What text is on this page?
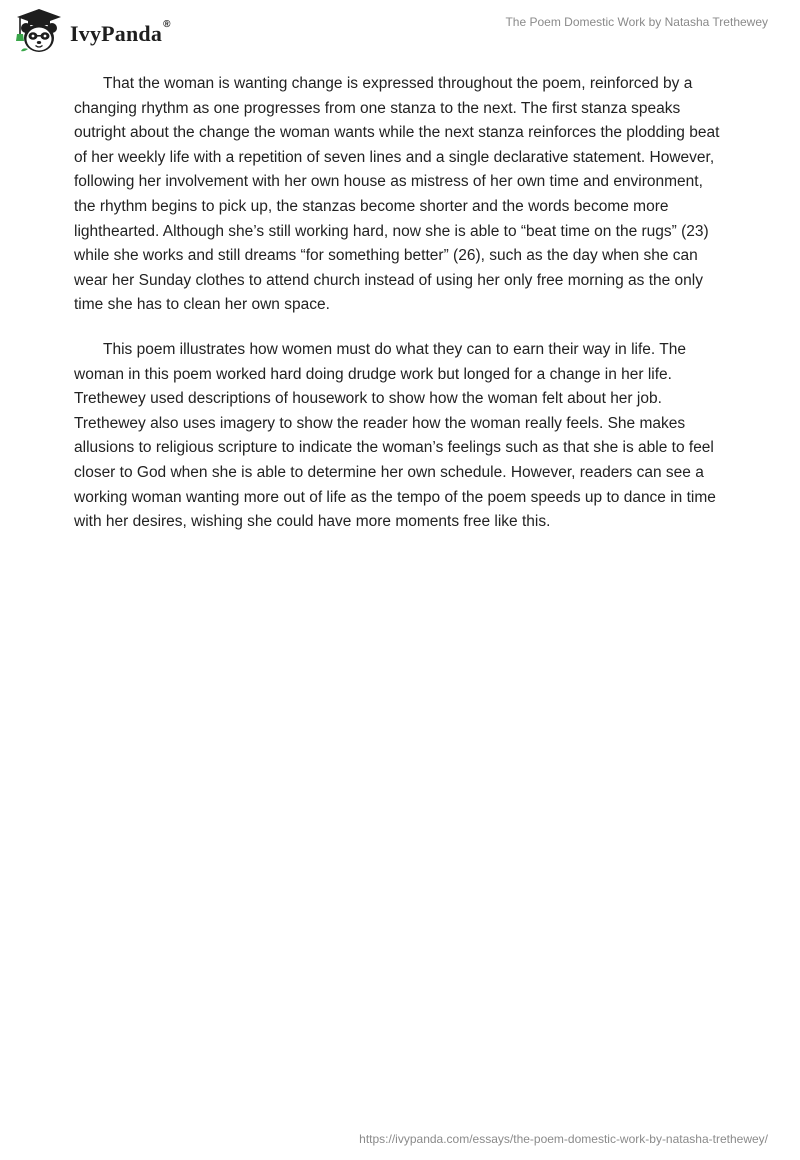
IvyPanda®	The Poem Domestic Work by Natasha Trethewey

That the woman is wanting change is expressed throughout the poem, reinforced by a changing rhythm as one progresses from one stanza to the next. The first stanza speaks outright about the change the woman wants while the next stanza reinforces the plodding beat of her weekly life with a repetition of seven lines and a single declarative statement. However, following her involvement with her own house as mistress of her own time and environment, the rhythm begins to pick up, the stanzas become shorter and the words become more lighthearted. Although she’s still working hard, now she is able to “beat time on the rugs” (23) while she works and still dreams “for something better” (26), such as the day when she can wear her Sunday clothes to attend church instead of using her only free morning as the only time she has to clean her own space.

This poem illustrates how women must do what they can to earn their way in life. The woman in this poem worked hard doing drudge work but longed for a change in her life. Trethewey used descriptions of housework to show how the woman felt about her job. Trethewey also uses imagery to show the reader how the woman really feels. She makes allusions to religious scripture to indicate the woman’s feelings such as that she is able to feel closer to God when she is able to determine her own schedule. However, readers can see a working woman wanting more out of life as the tempo of the poem speeds up to dance in time with her desires, wishing she could have more moments free like this.

https://ivypanda.com/essays/the-poem-domestic-work-by-natasha-trethewey/
